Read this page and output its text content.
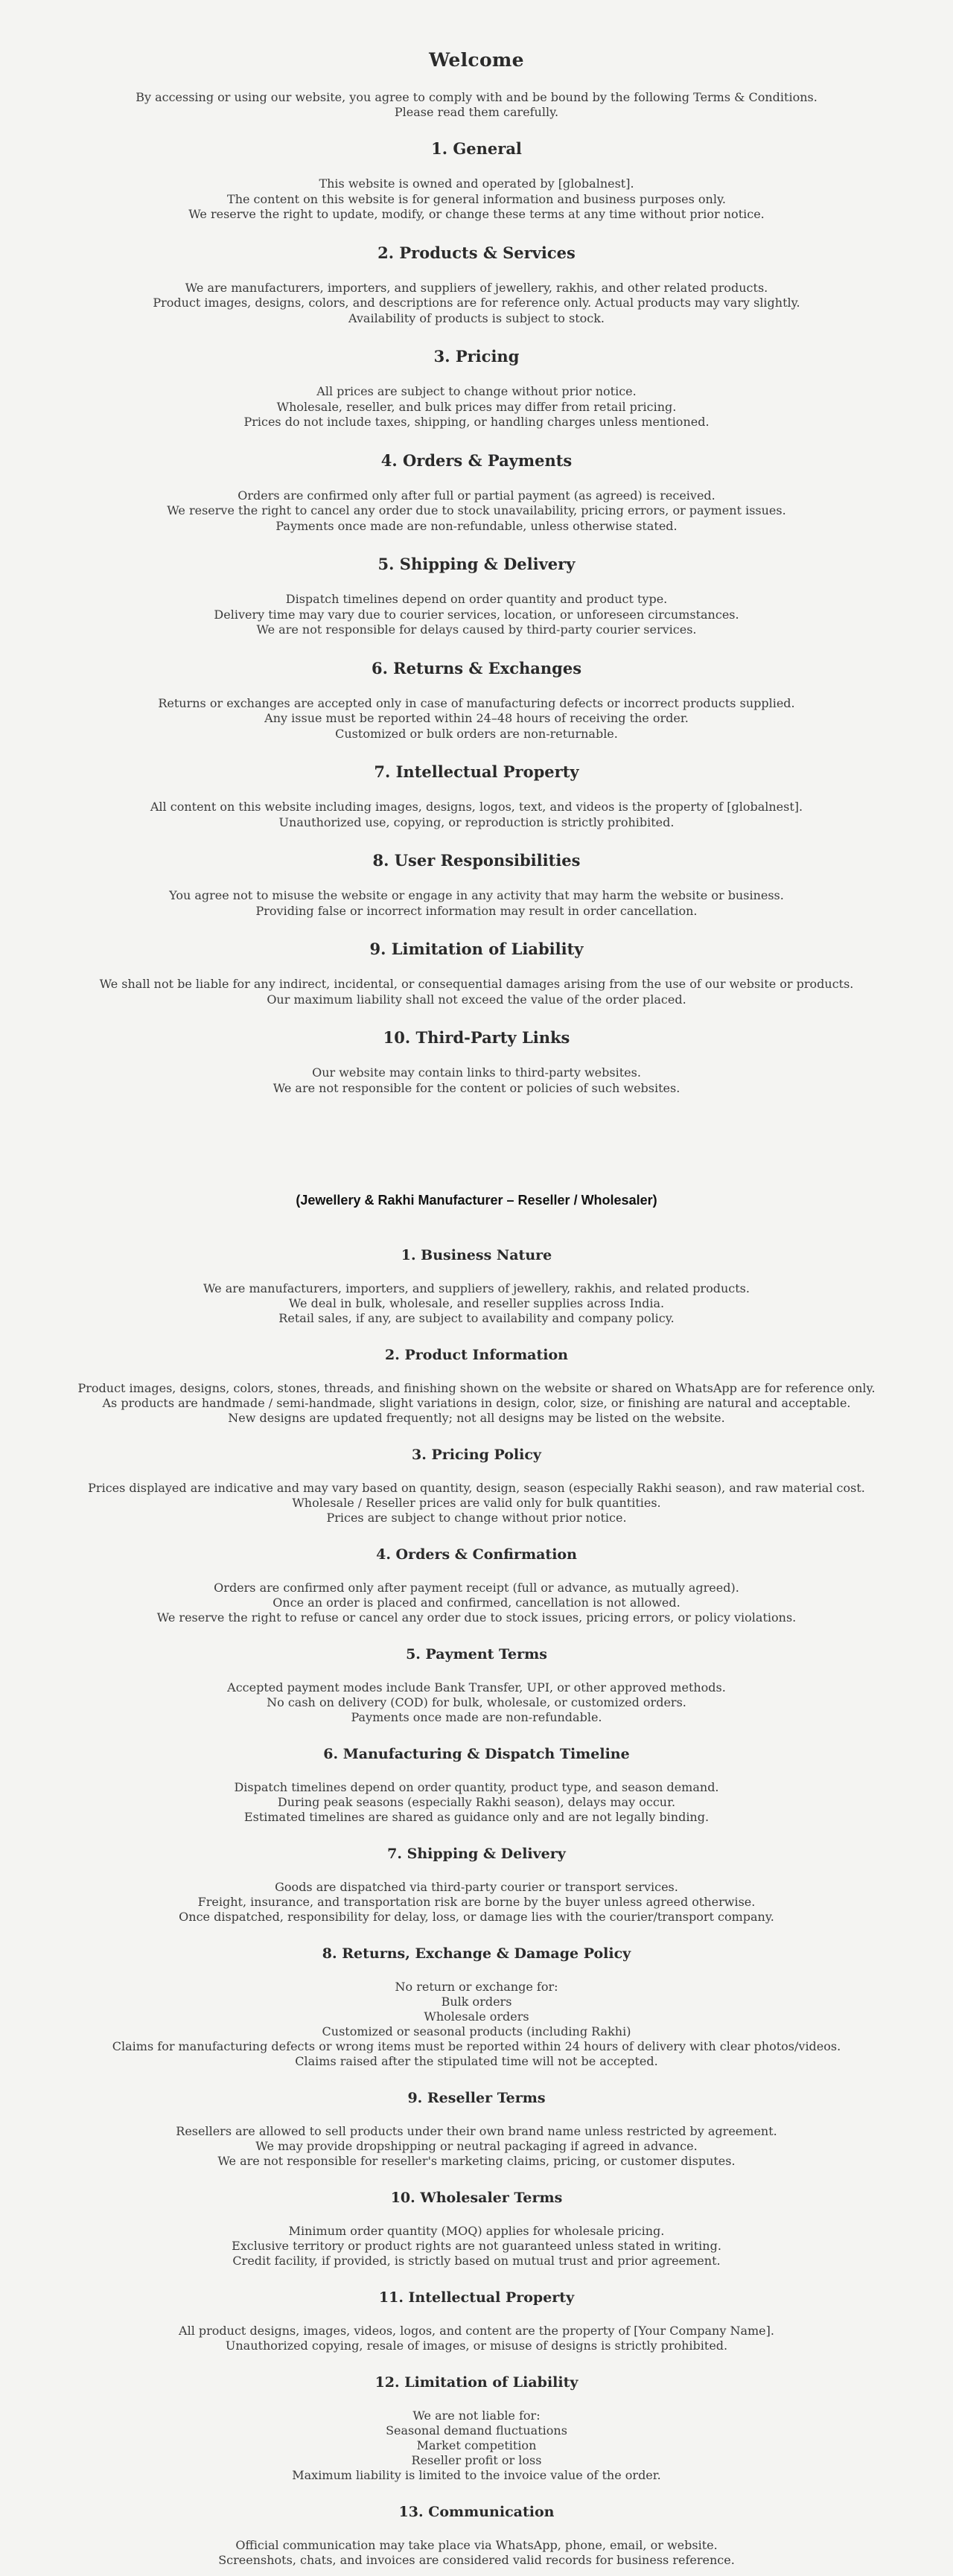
Welcome
By accessing or using our website, you agree to comply with and be bound by the following Terms & Conditions.
Please read them carefully.
1. General
This website is owned and operated by [globalnest].
The content on this website is for general information and business purposes only.
We reserve the right to update, modify, or change these terms at any time without prior notice.
2. Products & Services
We are manufacturers, importers, and suppliers of jewellery, rakhis, and other related products.
Product images, designs, colors, and descriptions are for reference only. Actual products may vary slightly.
Availability of products is subject to stock.
3. Pricing
All prices are subject to change without prior notice.
Wholesale, reseller, and bulk prices may differ from retail pricing.
Prices do not include taxes, shipping, or handling charges unless mentioned.
4. Orders & Payments
Orders are confirmed only after full or partial payment (as agreed) is received.
We reserve the right to cancel any order due to stock unavailability, pricing errors, or payment issues.
Payments once made are non-refundable, unless otherwise stated.
5. Shipping & Delivery
Dispatch timelines depend on order quantity and product type.
Delivery time may vary due to courier services, location, or unforeseen circumstances.
We are not responsible for delays caused by third-party courier services.
6. Returns & Exchanges
Returns or exchanges are accepted only in case of manufacturing defects or incorrect products supplied.
Any issue must be reported within 24–48 hours of receiving the order.
Customized or bulk orders are non-returnable.
7. Intellectual Property
All content on this website including images, designs, logos, text, and videos is the property of [globalnest].
Unauthorized use, copying, or reproduction is strictly prohibited.
8. User Responsibilities
You agree not to misuse the website or engage in any activity that may harm the website or business.
Providing false or incorrect information may result in order cancellation.
9. Limitation of Liability
We shall not be liable for any indirect, incidental, or consequential damages arising from the use of our website or products.
Our maximum liability shall not exceed the value of the order placed.
10. Third-Party Links
Our website may contain links to third-party websites.
We are not responsible for the content or policies of such websites.
(Jewellery & Rakhi Manufacturer – Reseller / Wholesaler)
1. Business Nature
We are manufacturers, importers, and suppliers of jewellery, rakhis, and related products.
We deal in bulk, wholesale, and reseller supplies across India.
Retail sales, if any, are subject to availability and company policy.
2. Product Information
Product images, designs, colors, stones, threads, and finishing shown on the website or shared on WhatsApp are for reference only.
As products are handmade / semi-handmade, slight variations in design, color, size, or finishing are natural and acceptable.
New designs are updated frequently; not all designs may be listed on the website.
3. Pricing Policy
Prices displayed are indicative and may vary based on quantity, design, season (especially Rakhi season), and raw material cost.
Wholesale / Reseller prices are valid only for bulk quantities.
Prices are subject to change without prior notice.
4. Orders & Confirmation
Orders are confirmed only after payment receipt (full or advance, as mutually agreed).
Once an order is placed and confirmed, cancellation is not allowed.
We reserve the right to refuse or cancel any order due to stock issues, pricing errors, or policy violations.
5. Payment Terms
Accepted payment modes include Bank Transfer, UPI, or other approved methods.
No cash on delivery (COD) for bulk, wholesale, or customized orders.
Payments once made are non-refundable.
6. Manufacturing & Dispatch Timeline
Dispatch timelines depend on order quantity, product type, and season demand.
During peak seasons (especially Rakhi season), delays may occur.
Estimated timelines are shared as guidance only and are not legally binding.
7. Shipping & Delivery
Goods are dispatched via third-party courier or transport services.
Freight, insurance, and transportation risk are borne by the buyer unless agreed otherwise.
Once dispatched, responsibility for delay, loss, or damage lies with the courier/transport company.
8. Returns, Exchange & Damage Policy
No return or exchange for:
Bulk orders
Wholesale orders
Customized or seasonal products (including Rakhi)
Claims for manufacturing defects or wrong items must be reported within 24 hours of delivery with clear photos/videos.
Claims raised after the stipulated time will not be accepted.
9. Reseller Terms
Resellers are allowed to sell products under their own brand name unless restricted by agreement.
We may provide dropshipping or neutral packaging if agreed in advance.
We are not responsible for reseller's marketing claims, pricing, or customer disputes.
10. Wholesaler Terms
Minimum order quantity (MOQ) applies for wholesale pricing.
Exclusive territory or product rights are not guaranteed unless stated in writing.
Credit facility, if provided, is strictly based on mutual trust and prior agreement.
11. Intellectual Property
All product designs, images, videos, logos, and content are the property of [Your Company Name].
Unauthorized copying, resale of images, or misuse of designs is strictly prohibited.
12. Limitation of Liability
We are not liable for:
Seasonal demand fluctuations
Market competition
Reseller profit or loss
Maximum liability is limited to the invoice value of the order.
13. Communication
Official communication may take place via WhatsApp, phone, email, or website.
Screenshots, chats, and invoices are considered valid records for business reference.
